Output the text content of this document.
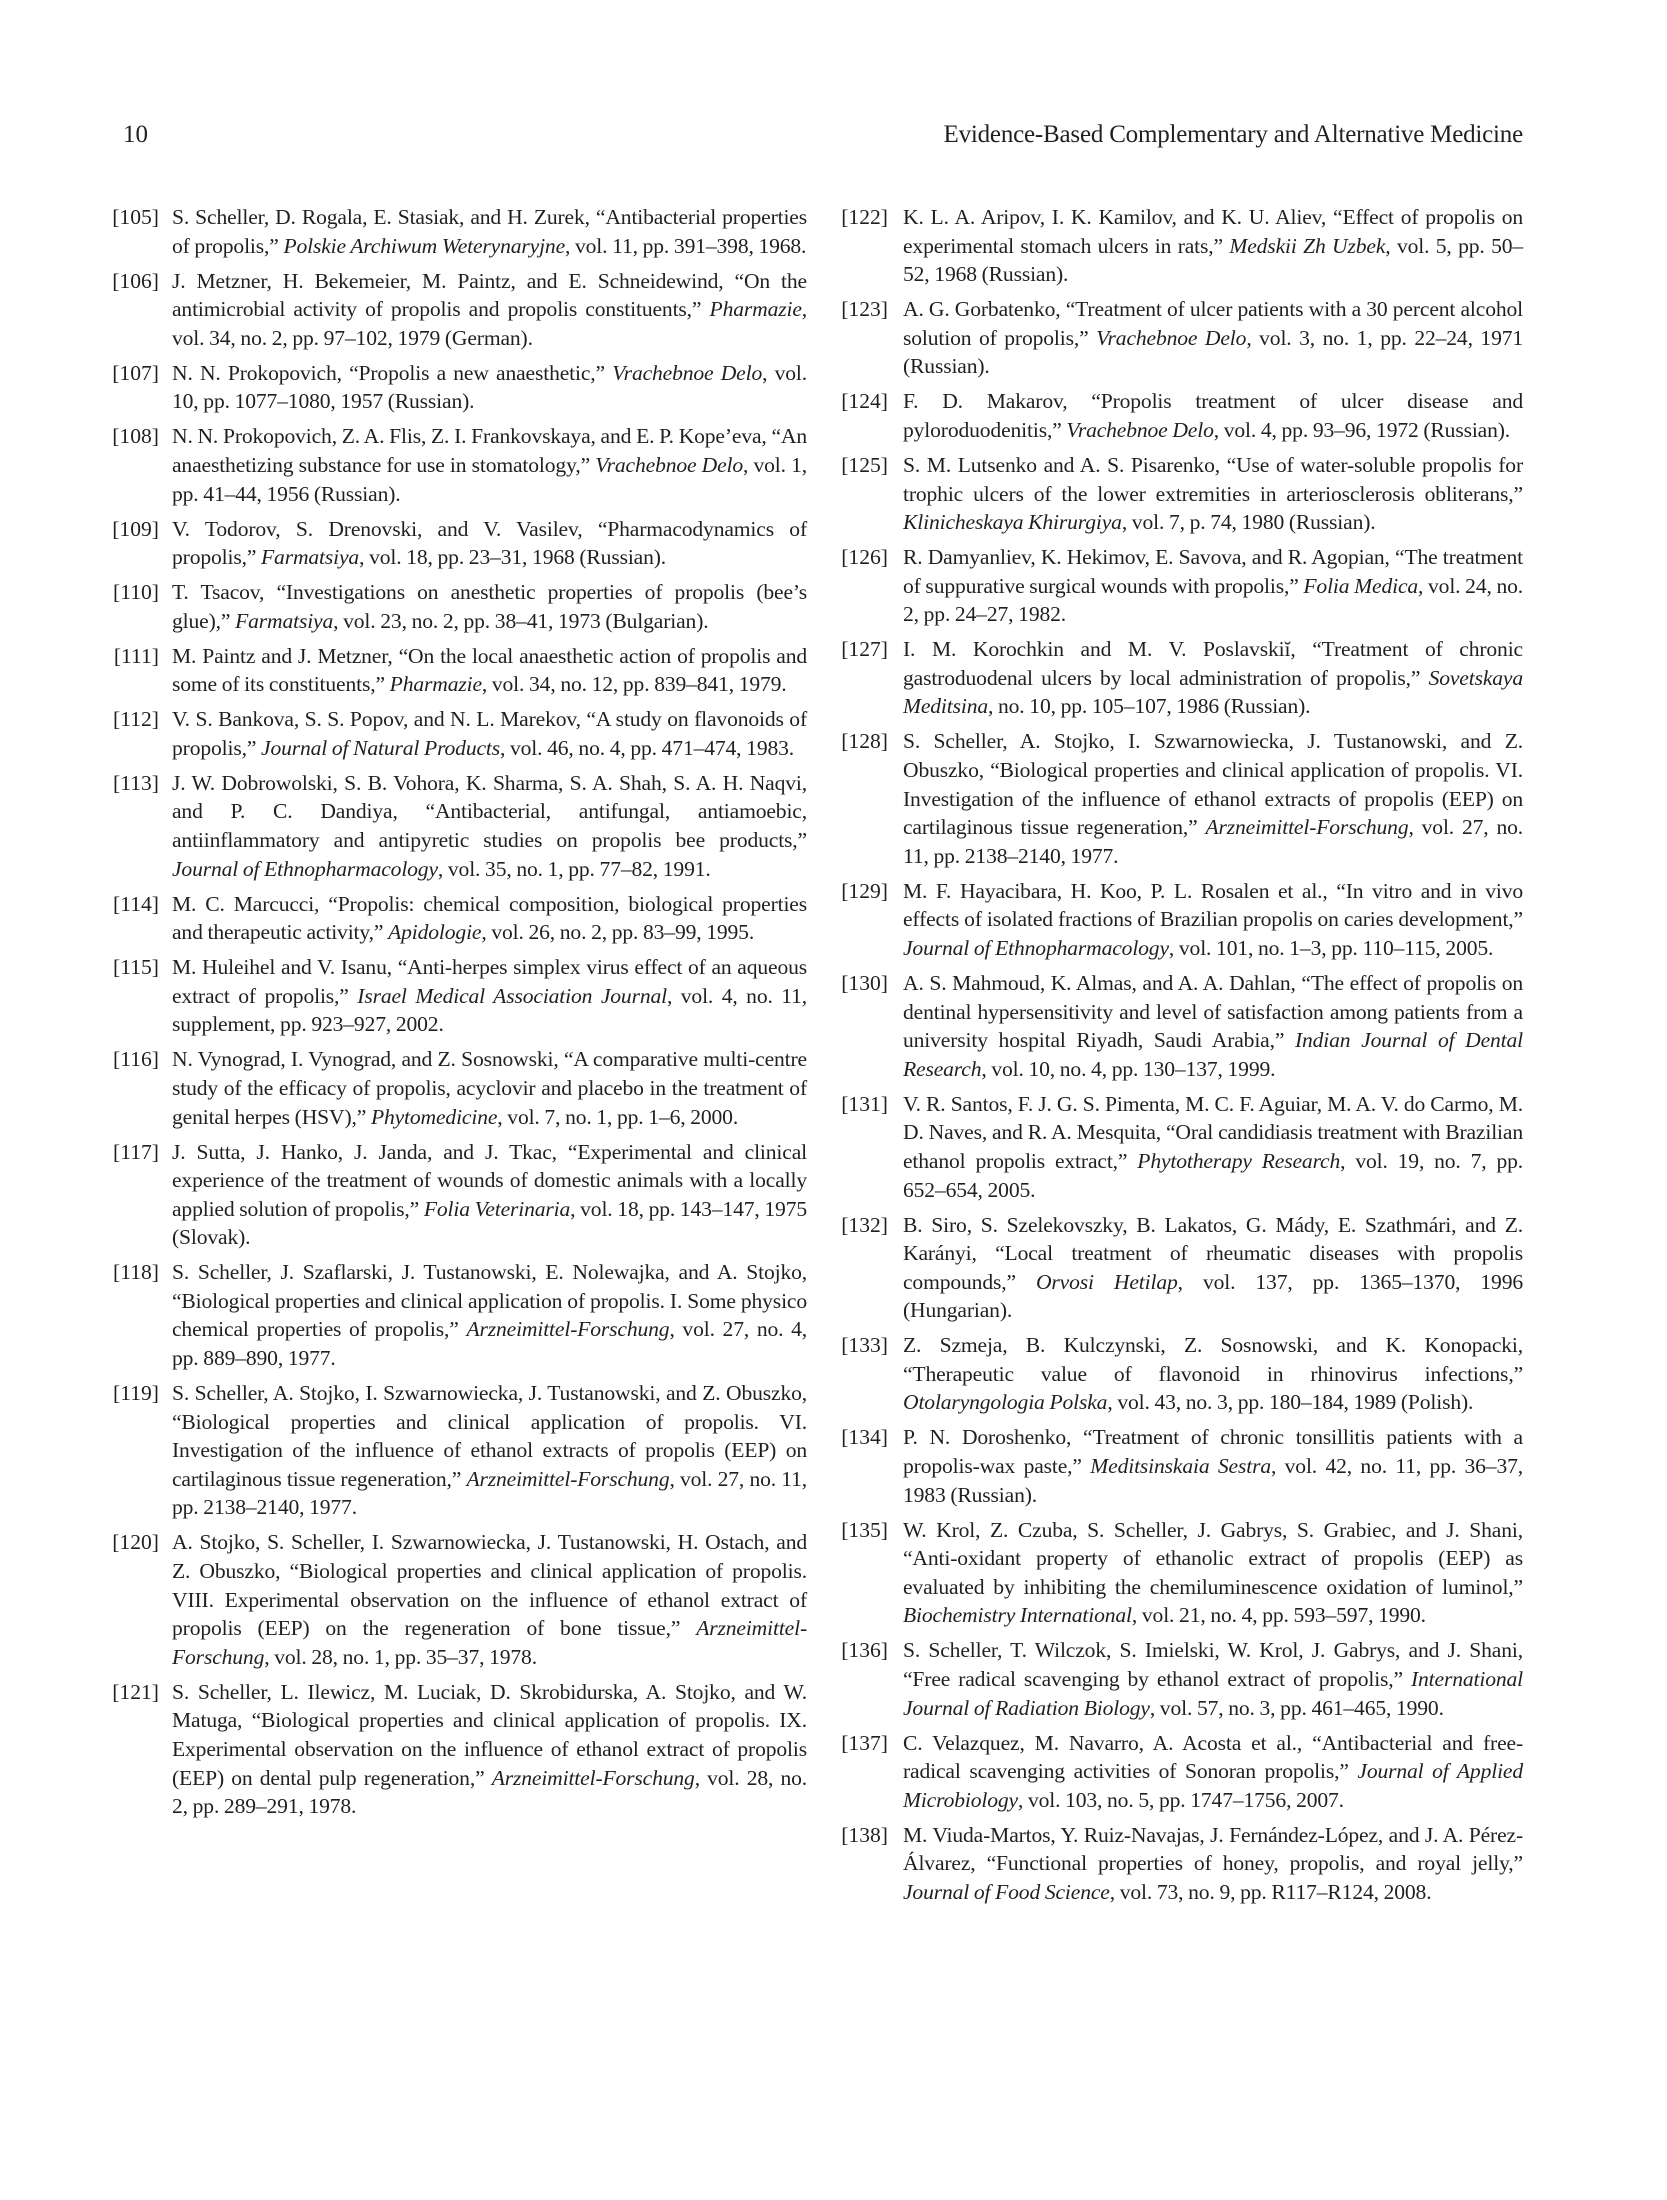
10	Evidence-Based Complementary and Alternative Medicine
[105] S. Scheller, D. Rogala, E. Stasiak, and H. Zurek, “Antibacterial properties of propolis,” Polskie Archiwum Weterynaryjne, vol. 11, pp. 391–398, 1968.
[106] J. Metzner, H. Bekemeier, M. Paintz, and E. Schneidewind, “On the antimicrobial activity of propolis and propolis constituents,” Pharmazie, vol. 34, no. 2, pp. 97–102, 1979 (German).
[107] N. N. Prokopovich, “Propolis a new anaesthetic,” Vrachebnoe Delo, vol. 10, pp. 1077–1080, 1957 (Russian).
[108] N. N. Prokopovich, Z. A. Flis, Z. I. Frankovskaya, and E. P. Kope’eva, “An anaesthetizing substance for use in stomatology,” Vrachebnoe Delo, vol. 1, pp. 41–44, 1956 (Russian).
[109] V. Todorov, S. Drenovski, and V. Vasilev, “Pharmacodynamics of propolis,” Farmatsiya, vol. 18, pp. 23–31, 1968 (Russian).
[110] T. Tsacov, “Investigations on anesthetic properties of propolis (bee’s glue),” Farmatsiya, vol. 23, no. 2, pp. 38–41, 1973 (Bulgarian).
[111] M. Paintz and J. Metzner, “On the local anaesthetic action of propolis and some of its constituents,” Pharmazie, vol. 34, no. 12, pp. 839–841, 1979.
[112] V. S. Bankova, S. S. Popov, and N. L. Marekov, “A study on flavonoids of propolis,” Journal of Natural Products, vol. 46, no. 4, pp. 471–474, 1983.
[113] J. W. Dobrowolski, S. B. Vohora, K. Sharma, S. A. Shah, S. A. H. Naqvi, and P. C. Dandiya, “Antibacterial, antifungal, antiamoebic, antiinflammatory and antipyretic studies on propolis bee products,” Journal of Ethnopharmacology, vol. 35, no. 1, pp. 77–82, 1991.
[114] M. C. Marcucci, “Propolis: chemical composition, biological properties and therapeutic activity,” Apidologie, vol. 26, no. 2, pp. 83–99, 1995.
[115] M. Huleihel and V. Isanu, “Anti-herpes simplex virus effect of an aqueous extract of propolis,” Israel Medical Association Journal, vol. 4, no. 11, supplement, pp. 923–927, 2002.
[116] N. Vynograd, I. Vynograd, and Z. Sosnowski, “A comparative multi-centre study of the efficacy of propolis, acyclovir and placebo in the treatment of genital herpes (HSV),” Phytomedicine, vol. 7, no. 1, pp. 1–6, 2000.
[117] J. Sutta, J. Hanko, J. Janda, and J. Tkac, “Experimental and clinical experience of the treatment of wounds of domestic animals with a locally applied solution of propolis,” Folia Veterinaria, vol. 18, pp. 143–147, 1975 (Slovak).
[118] S. Scheller, J. Szaflarski, J. Tustanowski, E. Nolewajka, and A. Stojko, “Biological properties and clinical application of propolis. I. Some physico chemical properties of propolis,” Arzneimittel-Forschung, vol. 27, no. 4, pp. 889–890, 1977.
[119] S. Scheller, A. Stojko, I. Szwarnowiecka, J. Tustanowski, and Z. Obuszko, “Biological properties and clinical application of propolis. VI. Investigation of the influence of ethanol extracts of propolis (EEP) on cartilaginous tissue regeneration,” Arzneimittel-Forschung, vol. 27, no. 11, pp. 2138–2140, 1977.
[120] A. Stojko, S. Scheller, I. Szwarnowiecka, J. Tustanowski, H. Ostach, and Z. Obuszko, “Biological properties and clinical application of propolis. VIII. Experimental observation on the influence of ethanol extract of propolis (EEP) on the regeneration of bone tissue,” Arzneimittel-Forschung, vol. 28, no. 1, pp. 35–37, 1978.
[121] S. Scheller, L. Ilewicz, M. Luciak, D. Skrobidurska, A. Stojko, and W. Matuga, “Biological properties and clinical application of propolis. IX. Experimental observation on the influence of ethanol extract of propolis (EEP) on dental pulp regeneration,” Arzneimittel-Forschung, vol. 28, no. 2, pp. 289–291, 1978.
[122] K. L. A. Aripov, I. K. Kamilov, and K. U. Aliev, “Effect of propolis on experimental stomach ulcers in rats,” Medskii Zh Uzbek, vol. 5, pp. 50–52, 1968 (Russian).
[123] A. G. Gorbatenko, “Treatment of ulcer patients with a 30 percent alcohol solution of propolis,” Vrachebnoe Delo, vol. 3, no. 1, pp. 22–24, 1971 (Russian).
[124] F. D. Makarov, “Propolis treatment of ulcer disease and pyloroduodenitis,” Vrachebnoe Delo, vol. 4, pp. 93–96, 1972 (Russian).
[125] S. M. Lutsenko and A. S. Pisarenko, “Use of water-soluble propolis for trophic ulcers of the lower extremities in arteriosclerosis obliterans,” Klinicheskaya Khirurgiya, vol. 7, p. 74, 1980 (Russian).
[126] R. Damyanliev, K. Hekimov, E. Savova, and R. Agopian, “The treatment of suppurative surgical wounds with propolis,” Folia Medica, vol. 24, no. 2, pp. 24–27, 1982.
[127] I. M. Korochkin and M. V. Poslavskiĭ, “Treatment of chronic gastroduodenal ulcers by local administration of propolis,” Sovetskaya Meditsina, no. 10, pp. 105–107, 1986 (Russian).
[128] S. Scheller, A. Stojko, I. Szwarnowiecka, J. Tustanowski, and Z. Obuszko, “Biological properties and clinical application of propolis. VI. Investigation of the influence of ethanol extracts of propolis (EEP) on cartilaginous tissue regeneration,” Arzneimittel-Forschung, vol. 27, no. 11, pp. 2138–2140, 1977.
[129] M. F. Hayacibara, H. Koo, P. L. Rosalen et al., “In vitro and in vivo effects of isolated fractions of Brazilian propolis on caries development,” Journal of Ethnopharmacology, vol. 101, no. 1–3, pp. 110–115, 2005.
[130] A. S. Mahmoud, K. Almas, and A. A. Dahlan, “The effect of propolis on dentinal hypersensitivity and level of satisfaction among patients from a university hospital Riyadh, Saudi Arabia,” Indian Journal of Dental Research, vol. 10, no. 4, pp. 130–137, 1999.
[131] V. R. Santos, F. J. G. S. Pimenta, M. C. F. Aguiar, M. A. V. do Carmo, M. D. Naves, and R. A. Mesquita, “Oral candidiasis treatment with Brazilian ethanol propolis extract,” Phytotherapy Research, vol. 19, no. 7, pp. 652–654, 2005.
[132] B. Siro, S. Szelekovszky, B. Lakatos, G. Mády, E. Szathmári, and Z. Karányi, “Local treatment of rheumatic diseases with propolis compounds,” Orvosi Hetilap, vol. 137, pp. 1365–1370, 1996 (Hungarian).
[133] Z. Szmeja, B. Kulczynski, Z. Sosnowski, and K. Konopacki, “Therapeutic value of flavonoid in rhinovirus infections,” Otolaryngologia Polska, vol. 43, no. 3, pp. 180–184, 1989 (Polish).
[134] P. N. Doroshenko, “Treatment of chronic tonsillitis patients with a propolis-wax paste,” Meditsinskaia Sestra, vol. 42, no. 11, pp. 36–37, 1983 (Russian).
[135] W. Krol, Z. Czuba, S. Scheller, J. Gabrys, S. Grabiec, and J. Shani, “Anti-oxidant property of ethanolic extract of propolis (EEP) as evaluated by inhibiting the chemiluminescence oxidation of luminol,” Biochemistry International, vol. 21, no. 4, pp. 593–597, 1990.
[136] S. Scheller, T. Wilczok, S. Imielski, W. Krol, J. Gabrys, and J. Shani, “Free radical scavenging by ethanol extract of propolis,” International Journal of Radiation Biology, vol. 57, no. 3, pp. 461–465, 1990.
[137] C. Velazquez, M. Navarro, A. Acosta et al., “Antibacterial and free-radical scavenging activities of Sonoran propolis,” Journal of Applied Microbiology, vol. 103, no. 5, pp. 1747–1756, 2007.
[138] M. Viuda-Martos, Y. Ruiz-Navajas, J. Fernández-López, and J. A. Pérez-Álvarez, “Functional properties of honey, propolis, and royal jelly,” Journal of Food Science, vol. 73, no. 9, pp. R117–R124, 2008.
